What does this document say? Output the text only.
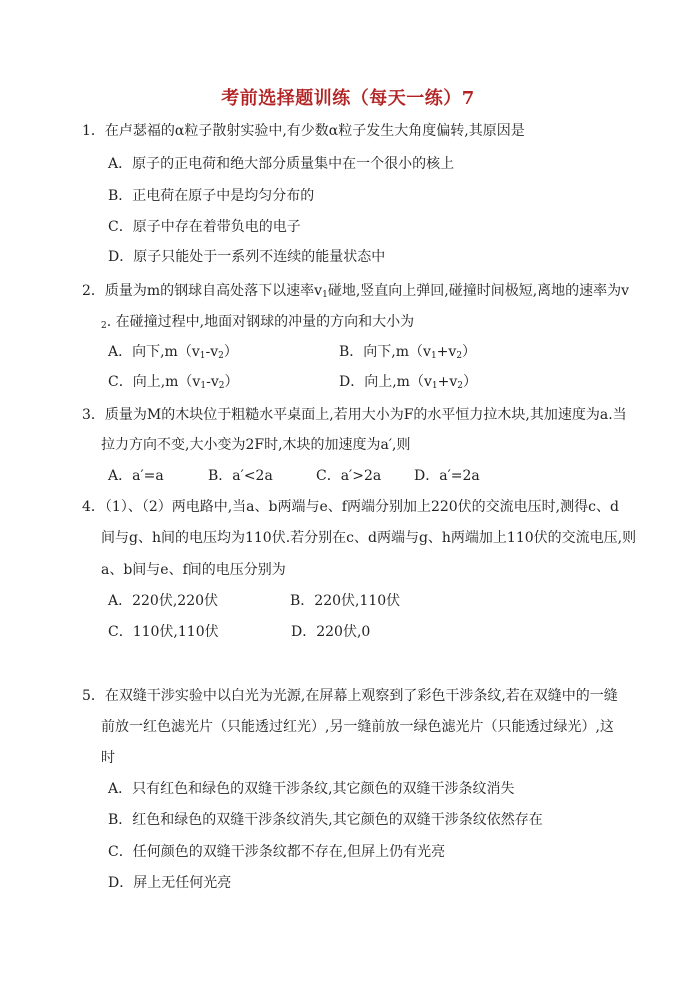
考前选择题训练（每天一练）7
1．在卢瑟福的α粒子散射实验中,有少数α粒子发生大角度偏转,其原因是
A．原子的正电荷和绝大部分质量集中在一个很小的核上
B．正电荷在原子中是均匀分布的
C．原子中存在着带负电的电子
D．原子只能处于一系列不连续的能量状态中
2．质量为m的钢球自高处落下以速率$v_1$碰地,竖直向上弹回,碰撞时间极短,离地的速率为v
2. 在碰撞过程中,地面对钢球的冲量的方向和大小为
A．向下$,m(v_1-v_2)$	B．向下$,m(v_1+v_2)$
C．向上$,m(v_1-v_2)$	D．向上$,m(v_1+v_2)$
3．质量为M的木块位于粗糙水平桌面上,若用大小为F的水平恒力拉木块,其加速度为a.当
拉力方向不变,大小变为2F时,木块的加速度为a′,则
A．a′=a	B．a′<2a	C．a′>2a D．a′=2a
4．（1）、（2）两电路中,当a、b两端与e、f两端分别加上220伏的交流电压时,测得c、d
间与g、h间的电压均为110伏.若分别在c、d两端与g、h两端加上110伏的交流电压,则
a、b间与e、f间的电压分别为
A．220伏,220伏	B．220伏,110伏
C．110伏,110伏	D．220伏,0
5．在双缝干涉实验中以白光为光源,在屏幕上观察到了彩色干涉条纹,若在双缝中的一缝
前放一红色滤光片（只能透过红光）,另一缝前放一绿色滤光片（只能透过绿光）,这
时
A．只有红色和绿色的双缝干涉条纹,其它颜色的双缝干涉条纹消失
B．红色和绿色的双缝干涉条纹消失,其它颜色的双缝干涉条纹依然存在
C．任何颜色的双缝干涉条纹都不存在,但屏上仍有光亮
D．屏上无任何光亮
